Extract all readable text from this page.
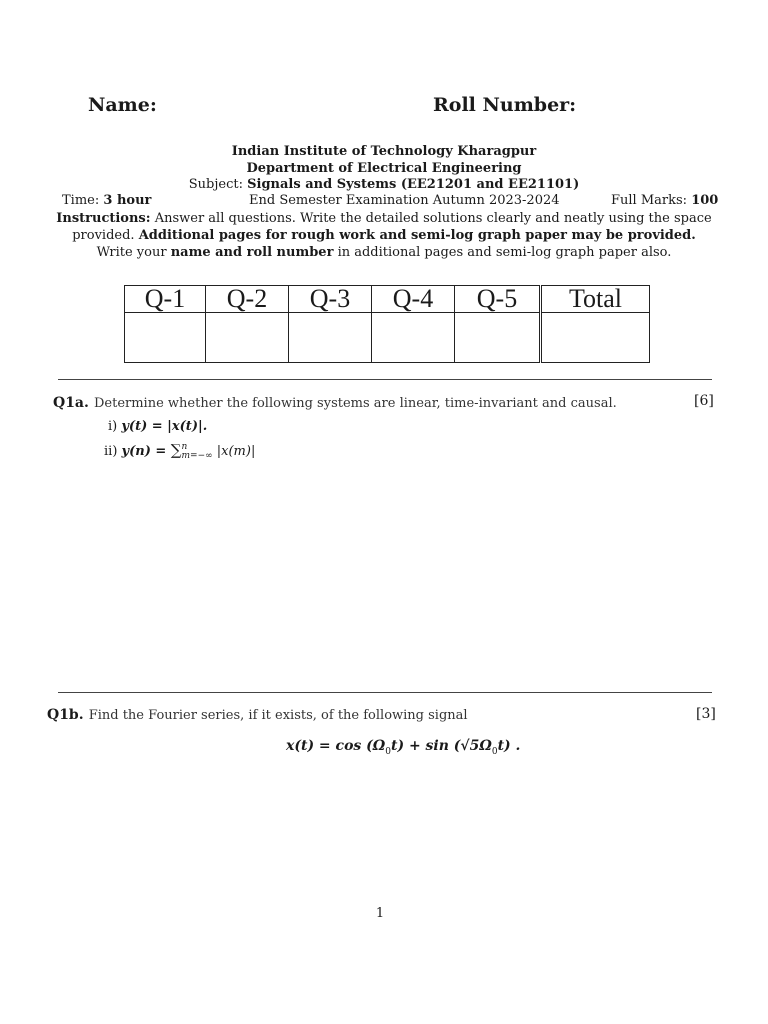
Name:	Roll Number:
Indian Institute of Technology Kharagpur
Department of Electrical Engineering
Subject: Signals and Systems (EE21201 and EE21101)
Time: 3 hour	End Semester Examination Autumn 2023-2024	Full Marks: 100
Instructions: Answer all questions. Write the detailed solutions clearly and neatly using the space
provided. Additional pages for rough work and semi-log graph paper may be provided.
Write your name and roll number in additional pages and semi-log graph paper also.
Q-1	Q-2	Q-3	Q-4	Q-5	Total

Q1a. Determine whether the following systems are linear, time-invariant and causal.	[6]
i) y(t) = |x(t)|.
ii) y(n) = ∑ n
m=−∞ |x(m)|
Q1b. Find the Fourier series, if it exists, of the following signal	[3]
$x(t) = \cos (\Omega_0t) + \sin (√5\Omega_0t)$ .
1
